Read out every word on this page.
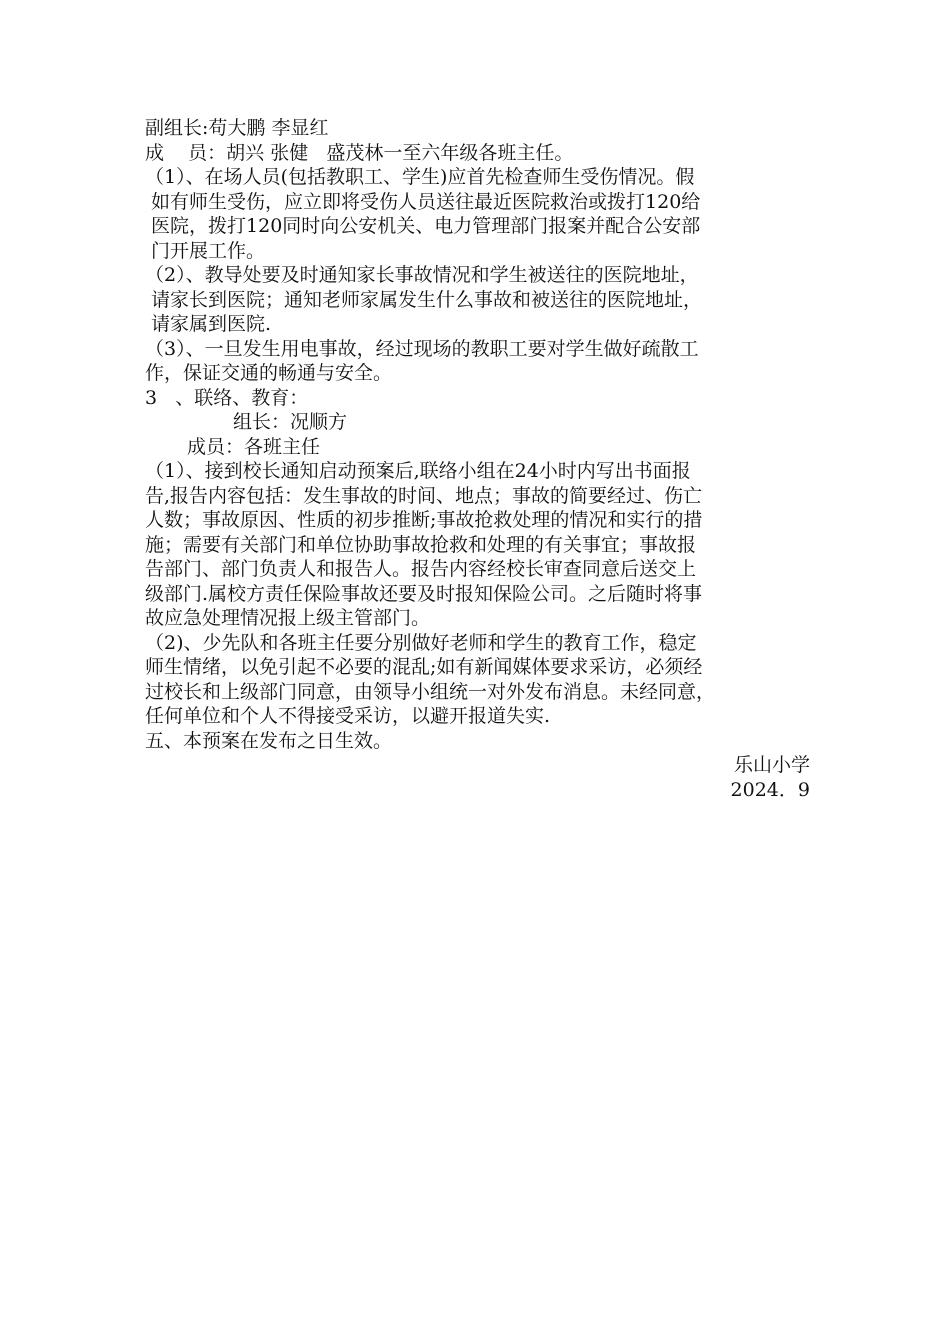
副组长:苟大鹏 李显红
成    员：胡兴 张健   盛茂林一至六年级各班主任。
（1）、在场人员(包括教职工、学生)应首先检查师生受伤情况。假
如有师生受伤，应立即将受伤人员送往最近医院救治或拨打120给
医院，拨打120同时向公安机关、电力管理部门报案并配合公安部
门开展工作。
（2）、教导处要及时通知家长事故情况和学生被送往的医院地址，
请家长到医院；通知老师家属发生什么事故和被送往的医院地址，
请家属到医院.
（3）、一旦发生用电事故，经过现场的教职工要对学生做好疏散工
作，保证交通的畅通与安全。
3   、联络、教育：
组长：况顺方
成员：各班主任
（1）、接到校长通知启动预案后,联络小组在24小时内写出书面报
告,报告内容包括：发生事故的时间、地点；事故的简要经过、伤亡
人数；事故原因、性质的初步推断;事故抢救处理的情况和实行的措
施；需要有关部门和单位协助事故抢救和处理的有关事宜；事故报
告部门、部门负责人和报告人。报告内容经校长审查同意后送交上
级部门.属校方责任保险事故还要及时报知保险公司。之后随时将事
故应急处理情况报上级主管部门。
（2)、少先队和各班主任要分别做好老师和学生的教育工作，稳定
师生情绪，以免引起不必要的混乱;如有新闻媒体要求采访，必须经
过校长和上级部门同意，由领导小组统一对外发布消息。未经同意，
任何单位和个人不得接受采访，以避开报道失实.
五、本预案在发布之日生效。
乐山小学
2024．9
